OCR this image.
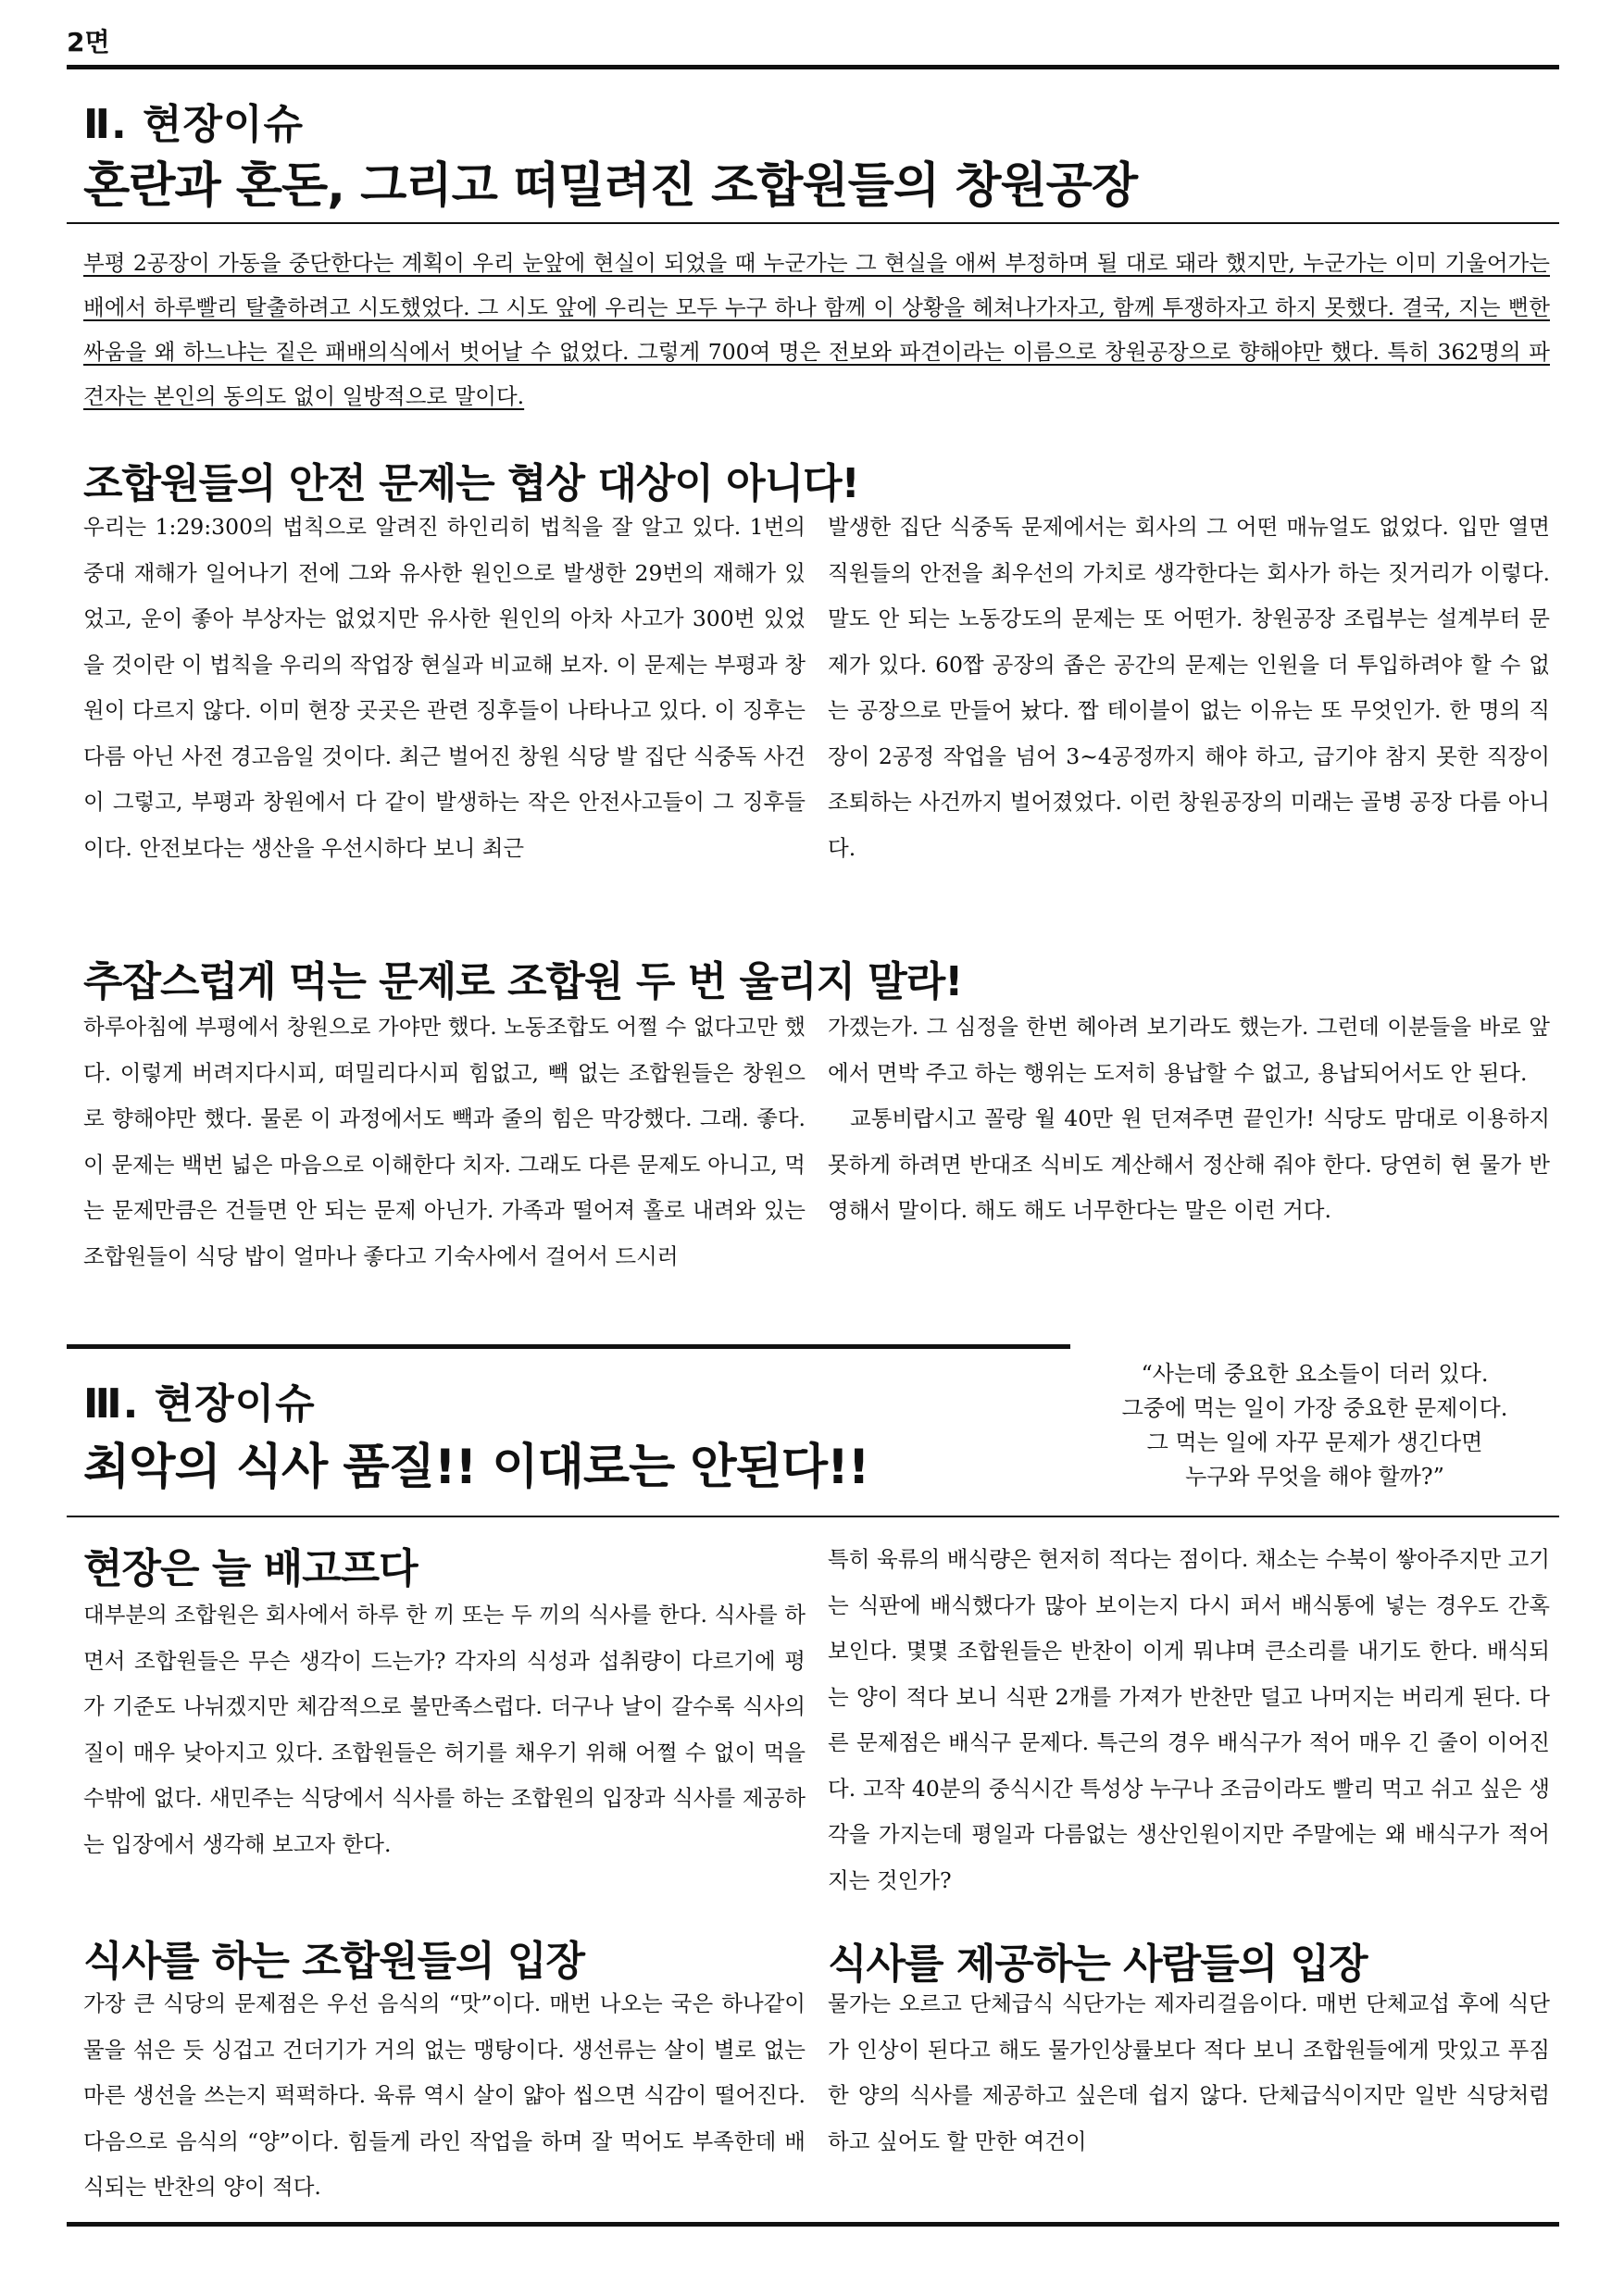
2면
Ⅱ. 현장이슈
혼란과 혼돈, 그리고 떠밀려진 조합원들의 창원공장
부평 2공장이 가동을 중단한다는 계획이 우리 눈앞에 현실이 되었을 때 누군가는 그 현실을 애써 부정하며 될 대로 돼라 했지만, 누군가는 이미 기울어가는 배에서 하루빨리 탈출하려고 시도했었다. 그 시도 앞에 우리는 모두 누구 하나 함께 이 상황을 헤쳐나가자고, 함께 투쟁하자고 하지 못했다. 결국, 지는 뻔한 싸움을 왜 하느냐는 짙은 패배의식에서 벗어날 수 없었다. 그렇게 700여 명은 전보와 파견이라는 이름으로 창원공장으로 향해야만 했다. 특히 362명의 파견자는 본인의 동의도 없이 일방적으로 말이다.
조합원들의 안전 문제는 협상 대상이 아니다!

우리는 1:29:300의 법칙으로 알려진 하인리히 법칙을 잘 알고 있다. 1번의 중대 재해가 일어나기 전에 그와 유사한 원인으로 발생한 29번의 재해가 있었고, 운이 좋아 부상자는 없었지만 유사한 원인의 아차 사고가 300번 있었을 것이란 이 법칙을 우리의 작업장 현실과 비교해 보자. 이 문제는 부평과 창원이 다르지 않다. 이미 현장 곳곳은 관련 징후들이 나타나고 있다. 이 징후는 다름 아닌 사전 경고음일 것이다. 최근 벌어진 창원 식당 발 집단 식중독 사건이 그렇고, 부평과 창원에서 다 같이 발생하는 작은 안전사고들이 그 징후들이다. 안전보다는 생산을 우선시하다 보니 최근

발생한 집단 식중독 문제에서는 회사의 그 어떤 매뉴얼도 없었다. 입만 열면 직원들의 안전을 최우선의 가치로 생각한다는 회사가 하는 짓거리가 이렇다. 말도 안 되는 노동강도의 문제는 또 어떤가. 창원공장 조립부는 설계부터 문제가 있다. 60짭 공장의 좁은 공간의 문제는 인원을 더 투입하려야 할 수 없는 공장으로 만들어 놨다. 짭 테이블이 없는 이유는 또 무엇인가. 한 명의 직장이 2공정 작업을 넘어 3~4공정까지 해야 하고, 급기야 참지 못한 직장이 조퇴하는 사건까지 벌어졌었다. 이런 창원공장의 미래는 골병 공장 다름 아니다.

추잡스럽게 먹는 문제로 조합원 두 번 울리지 말라!

하루아침에 부평에서 창원으로 가야만 했다. 노동조합도 어쩔 수 없다고만 했다. 이렇게 버려지다시피, 떠밀리다시피 힘없고, 빽 없는 조합원들은 창원으로 향해야만 했다. 물론 이 과정에서도 빽과 줄의 힘은 막강했다. 그래. 좋다. 이 문제는 백번 넓은 마음으로 이해한다 치자. 그래도 다른 문제도 아니고, 먹는 문제만큼은 건들면 안 되는 문제 아닌가. 가족과 떨어져 홀로 내려와 있는 조합원들이 식당 밥이 얼마나 좋다고 기숙사에서 걸어서 드시러

가겠는가. 그 심정을 한번 헤아려 보기라도 했는가. 그런데 이분들을 바로 앞에서 면박 주고 하는 행위는 도저히 용납할 수 없고, 용납되어서도 안 된다.

교통비랍시고 꼴랑 월 40만 원 던져주면 끝인가! 식당도 맘대로 이용하지 못하게 하려면 반대조 식비도 계산해서 정산해 줘야 한다. 당연히 현 물가 반영해서 말이다. 해도 해도 너무한다는 말은 이런 거다.

Ⅲ. 현장이슈
최악의 식사 품질!! 이대로는 안된다!!
“사는데 중요한 요소들이 더러 있다.
그중에 먹는 일이 가장 중요한 문제이다.
그 먹는 일에 자꾸 문제가 생긴다면
누구와 무엇을 해야 할까?”
현장은 늘 배고프다

대부분의 조합원은 회사에서 하루 한 끼 또는 두 끼의 식사를 한다. 식사를 하면서 조합원들은 무슨 생각이 드는가? 각자의 식성과 섭취량이 다르기에 평가 기준도 나뉘겠지만 체감적으로 불만족스럽다. 더구나 날이 갈수록 식사의 질이 매우 낮아지고 있다. 조합원들은 허기를 채우기 위해 어쩔 수 없이 먹을 수밖에 없다. 새민주는 식당에서 식사를 하는 조합원의 입장과 식사를 제공하는 입장에서 생각해 보고자 한다.

특히 육류의 배식량은 현저히 적다는 점이다. 채소는 수북이 쌓아주지만 고기는 식판에 배식했다가 많아 보이는지 다시 퍼서 배식통에 넣는 경우도 간혹 보인다. 몇몇 조합원들은 반찬이 이게 뭐냐며 큰소리를 내기도 한다. 배식되는 양이 적다 보니 식판 2개를 가져가 반찬만 덜고 나머지는 버리게 된다. 다른 문제점은 배식구 문제다. 특근의 경우 배식구가 적어 매우 긴 줄이 이어진다. 고작 40분의 중식시간 특성상 누구나 조금이라도 빨리 먹고 쉬고 싶은 생각을 가지는데 평일과 다름없는 생산인원이지만 주말에는 왜 배식구가 적어지는 것인가?

식사를 하는 조합원들의 입장

가장 큰 식당의 문제점은 우선 음식의 “맛”이다. 매번 나오는 국은 하나같이 물을 섞은 듯 싱겁고 건더기가 거의 없는 맹탕이다. 생선류는 살이 별로 없는 마른 생선을 쓰는지 퍽퍽하다. 육류 역시 살이 얇아 씹으면 식감이 떨어진다. 다음으로 음식의 “양”이다. 힘들게 라인 작업을 하며 잘 먹어도 부족한데 배식되는 반찬의 양이 적다.

식사를 제공하는 사람들의 입장

물가는 오르고 단체급식 식단가는 제자리걸음이다. 매번 단체교섭 후에 식단가 인상이 된다고 해도 물가인상률보다 적다 보니 조합원들에게 맛있고 푸짐한 양의 식사를 제공하고 싶은데 쉽지 않다. 단체급식이지만 일반 식당처럼 하고 싶어도 할 만한 여건이
